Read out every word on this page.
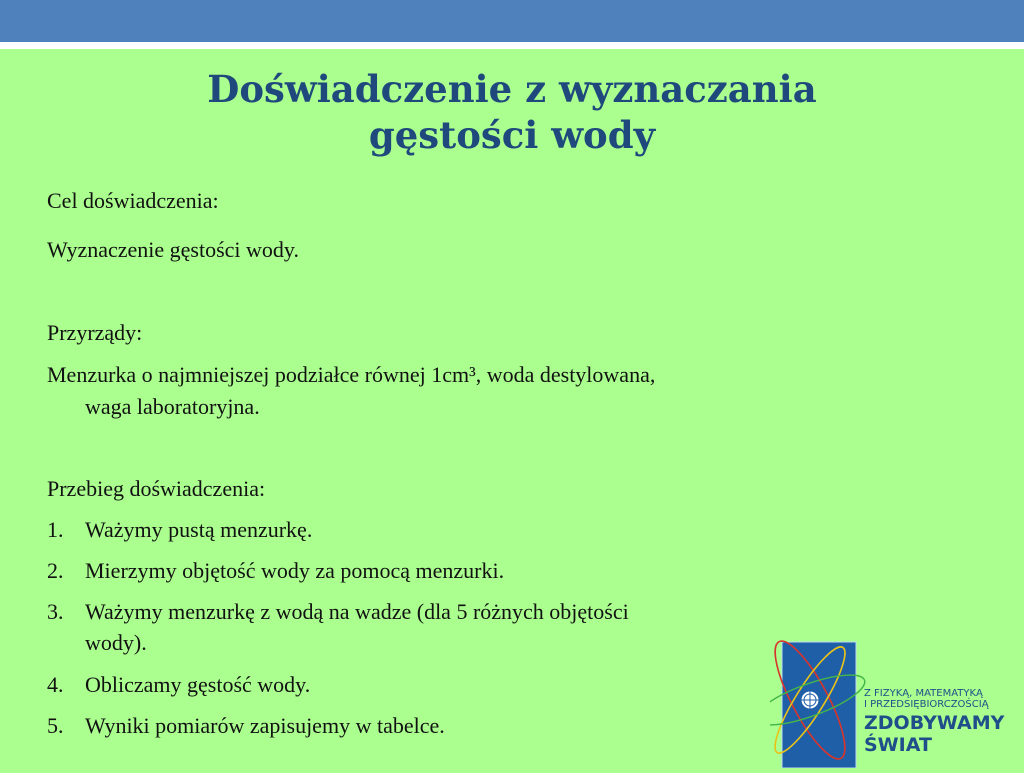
Doświadczenie z wyznaczania
gęstości wody
Cel doświadczenia:
Wyznaczenie gęstości wody.
Przyrządy:
Menzurka o najmniejszej podziałce równej 1cm³, woda destylowana,
waga laboratoryjna.
Przebieg doświadczenia:
1. Ważymy pustą menzurkę.
2. Mierzymy objętość wody za pomocą menzurki.
3. Ważymy menzurkę z wodą na wadze (dla 5 różnych objętości
wody).
4. Obliczamy gęstość wody.
5. Wyniki pomiarów zapisujemy w tabelce.
Z FIZYKĄ, MATEMATYKĄ
I PRZEDSIĘBIORCZOŚCIĄ
ZDOBYWAMY
ŚWIAT
